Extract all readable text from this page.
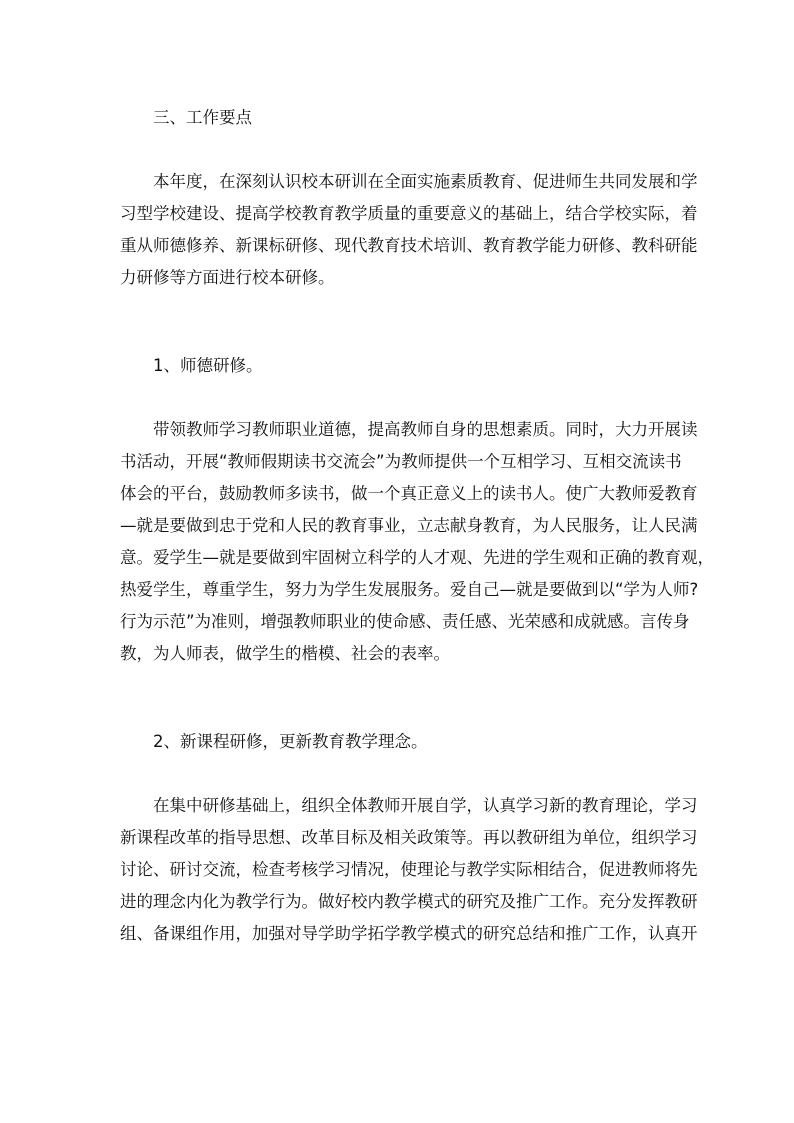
三、工作要点
本年度，在深刻认识校本研训在全面实施素质教育、促进师生共同发展和学
习型学校建设、提高学校教育教学质量的重要意义的基础上，结合学校实际，着
重从师德修养、新课标研修、现代教育技术培训、教育教学能力研修、教科研能
力研修等方面进行校本研修。
1、师德研修。
带领教师学习教师职业道德，提高教师自身的思想素质。同时，大力开展读
书活动，开展“教师假期读书交流会”为教师提供一个互相学习、互相交流读书
体会的平台，鼓励教师多读书，做一个真正意义上的读书人。使广大教师爱教育
—就是要做到忠于党和人民的教育事业，立志献身教育，为人民服务，让人民满
意。爱学生—就是要做到牢固树立科学的人才观、先进的学生观和正确的教育观，
热爱学生，尊重学生，努力为学生发展服务。爱自己—就是要做到以“学为人师?
行为示范”为准则，增强教师职业的使命感、责任感、光荣感和成就感。言传身
教，为人师表，做学生的楷模、社会的表率。
2、新课程研修，更新教育教学理念。
在集中研修基础上，组织全体教师开展自学，认真学习新的教育理论，学习
新课程改革的指导思想、改革目标及相关政策等。再以教研组为单位，组织学习
讨论、研讨交流，检查考核学习情况，使理论与教学实际相结合，促进教师将先
进的理念内化为教学行为。做好校内教学模式的研究及推广工作。充分发挥教研
组、备课组作用，加强对导学助学拓学教学模式的研究总结和推广工作，认真开
